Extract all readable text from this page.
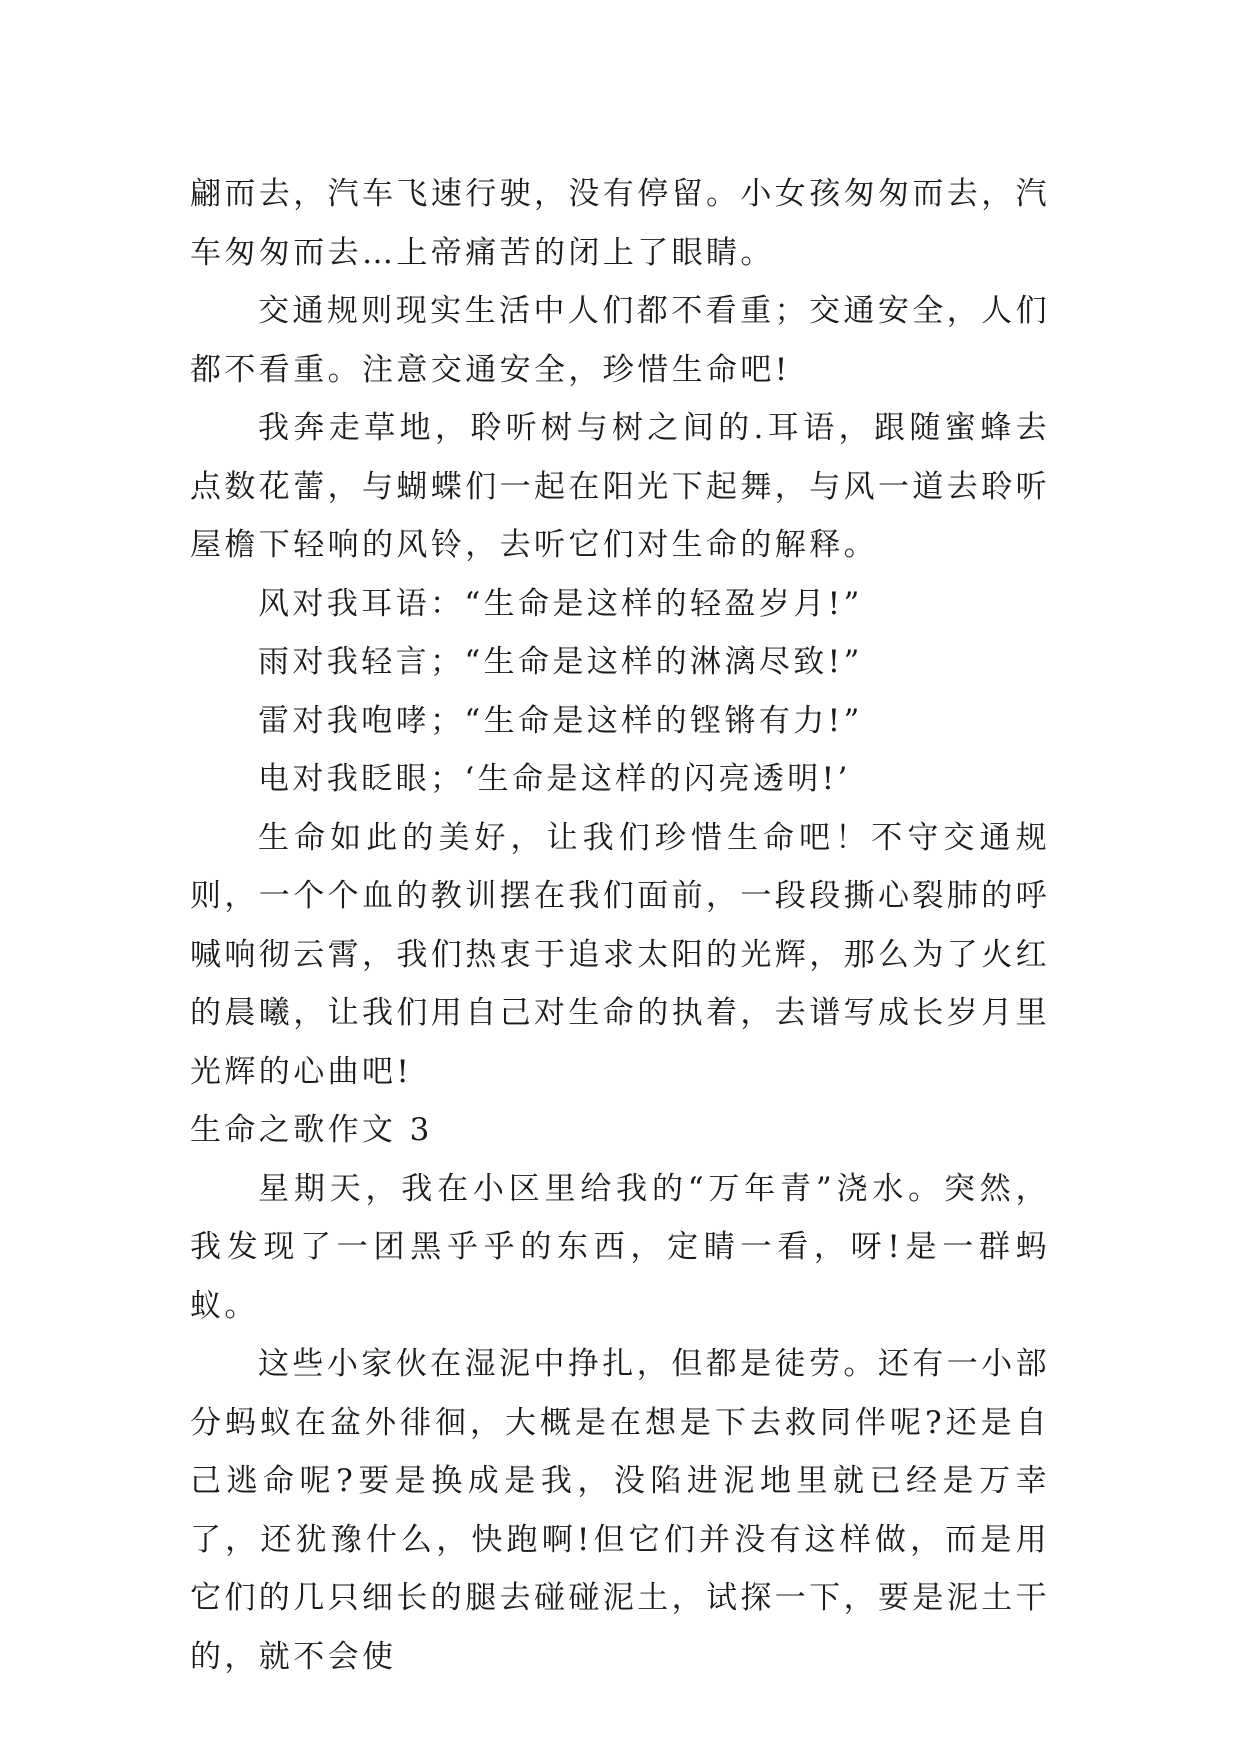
翩而去，汽车飞速行驶，没有停留。小女孩匆匆而去，汽车匆匆而去…上帝痛苦的闭上了眼睛。

交通规则现实生活中人们都不看重；交通安全，人们都不看重。注意交通安全，珍惜生命吧!

我奔走草地，聆听树与树之间的.耳语，跟随蜜蜂去点数花蕾，与蝴蝶们一起在阳光下起舞，与风一道去聆听屋檐下轻响的风铃，去听它们对生命的解释。

风对我耳语：“生命是这样的轻盈岁月!”

雨对我轻言；“生命是这样的淋漓尽致!”

雷对我咆哮；“生命是这样的铿锵有力!”

电对我眨眼；‘生命是这样的闪亮透明!’

生命如此的美好，让我们珍惜生命吧！不守交通规则，一个个血的教训摆在我们面前，一段段撕心裂肺的呼喊响彻云霄，我们热衷于追求太阳的光辉，那么为了火红的晨曦，让我们用自己对生命的执着，去谱写成长岁月里光辉的心曲吧!

生命之歌作文 3

星期天，我在小区里给我的“万年青”浇水。突然，我发现了一团黑乎乎的东西，定睛一看，呀!是一群蚂蚁。

这些小家伙在湿泥中挣扎，但都是徒劳。还有一小部分蚂蚁在盆外徘徊，大概是在想是下去救同伴呢?还是自己逃命呢?要是换成是我，没陷进泥地里就已经是万幸了，还犹豫什么，快跑啊!但它们并没有这样做，而是用它们的几只细长的腿去碰碰泥土，试探一下，要是泥土干的，就不会使
